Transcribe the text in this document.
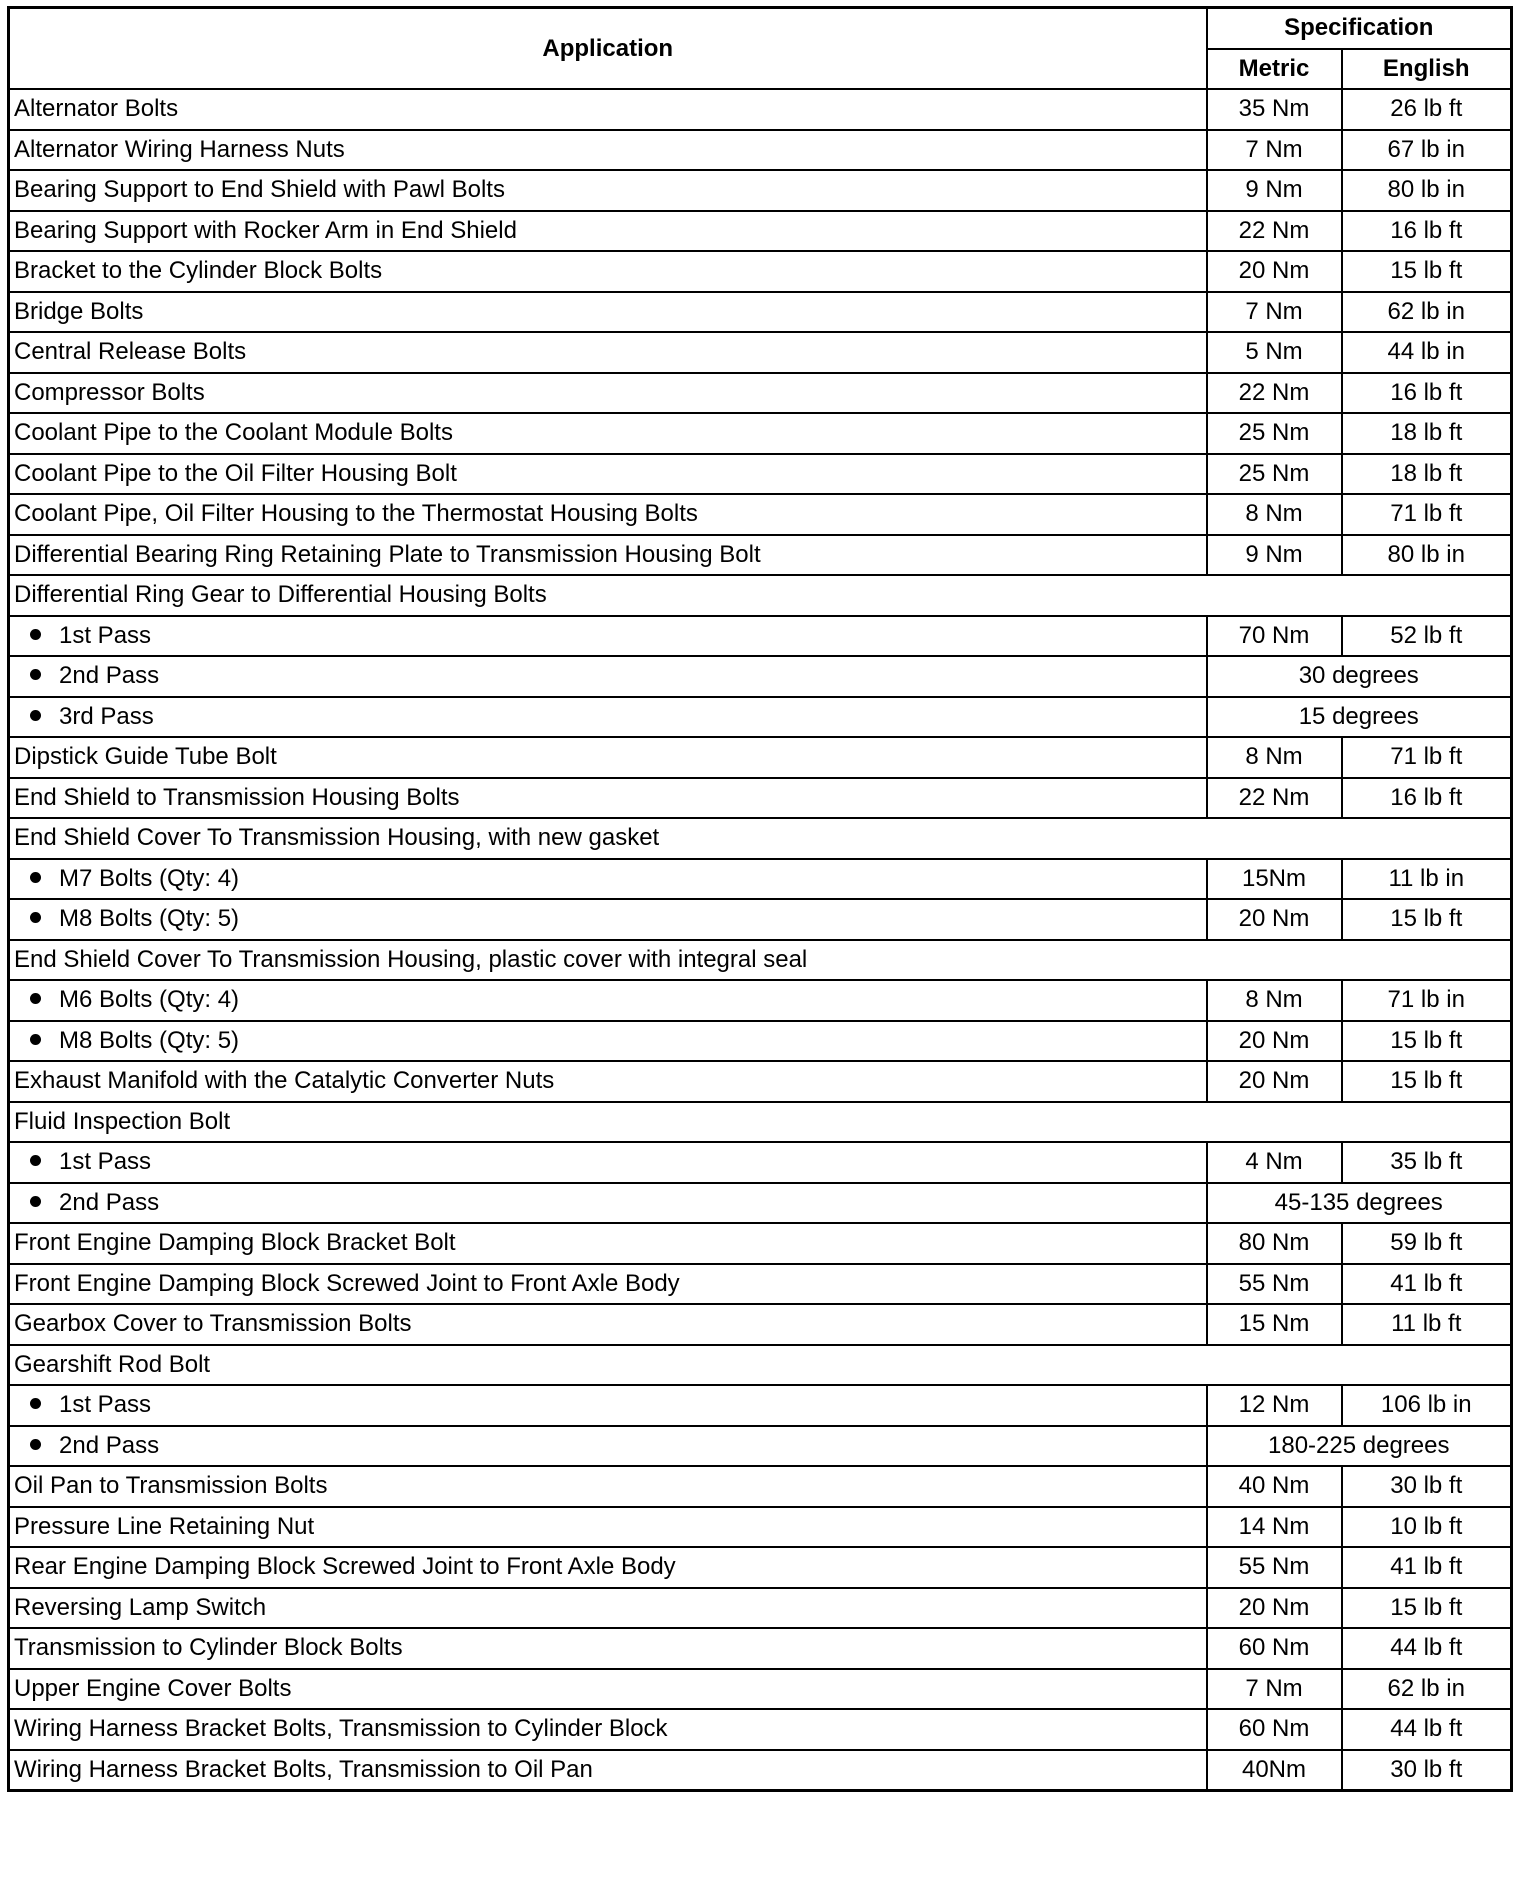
Application	Specification	
	Metric	English
Alternator Bolts	35 Nm	26 lb ft
Alternator Wiring Harness Nuts	7 Nm	67 lb in
Bearing Support to End Shield with Pawl Bolts	9 Nm	80 lb in
Bearing Support with Rocker Arm in End Shield	22 Nm	16 lb ft
Bracket to the Cylinder Block Bolts	20 Nm	15 lb ft
Bridge Bolts	7 Nm	62 lb in
Central Release Bolts	5 Nm	44 lb in
Compressor Bolts	22 Nm	16 lb ft
Coolant Pipe to the Coolant Module Bolts	25 Nm	18 lb ft
Coolant Pipe to the Oil Filter Housing Bolt	25 Nm	18 lb ft
Coolant Pipe, Oil Filter Housing to the Thermostat Housing Bolts	8 Nm	71 lb ft
Differential Bearing Ring Retaining Plate to Transmission Housing Bolt	9 Nm	80 lb in
Differential Ring Gear to Differential Housing Bolts		
1st Pass	70 Nm	52 lb ft
2nd Pass	30 degrees	
3rd Pass	15 degrees	
Dipstick Guide Tube Bolt	8 Nm	71 lb ft
End Shield to Transmission Housing Bolts	22 Nm	16 lb ft
End Shield Cover To Transmission Housing, with new gasket		
M7 Bolts (Qty: 4)	15Nm	11 lb in
M8 Bolts (Qty: 5)	20 Nm	15 lb ft
End Shield Cover To Transmission Housing, plastic cover with integral seal		
M6 Bolts (Qty: 4)	8 Nm	71 lb in
M8 Bolts (Qty: 5)	20 Nm	15 lb ft
Exhaust Manifold with the Catalytic Converter Nuts	20 Nm	15 lb ft
Fluid Inspection Bolt		
1st Pass	4 Nm	35 lb ft
2nd Pass	45-135 degrees	
Front Engine Damping Block Bracket Bolt	80 Nm	59 lb ft
Front Engine Damping Block Screwed Joint to Front Axle Body	55 Nm	41 lb ft
Gearbox Cover to Transmission Bolts	15 Nm	11 lb ft
Gearshift Rod Bolt		
1st Pass	12 Nm	106 lb in
2nd Pass	180-225 degrees	
Oil Pan to Transmission Bolts	40 Nm	30 lb ft
Pressure Line Retaining Nut	14 Nm	10 lb ft
Rear Engine Damping Block Screwed Joint to Front Axle Body	55 Nm	41 lb ft
Reversing Lamp Switch	20 Nm	15 lb ft
Transmission to Cylinder Block Bolts	60 Nm	44 lb ft
Upper Engine Cover Bolts	7 Nm	62 lb in
Wiring Harness Bracket Bolts, Transmission to Cylinder Block	60 Nm	44 lb ft
Wiring Harness Bracket Bolts, Transmission to Oil Pan	40Nm	30 lb ft
